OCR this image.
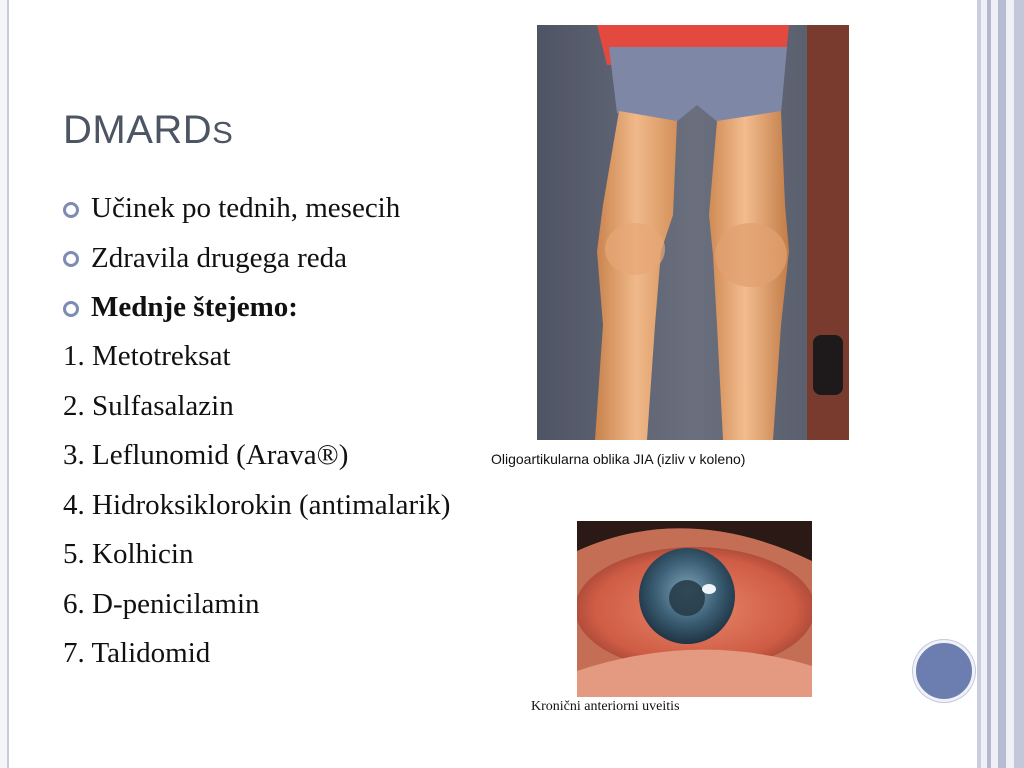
DMARDS
Učinek po tednih, mesecih
Zdravila drugega reda
Mednje štejemo:
1. Metotreksat
2. Sulfasalazin
3. Leflunomid (Arava®)
4. Hidroksiklorokin (antimalarik)
5. Kolhicin
6. D-penicilamin
7. Talidomid
Oligoartikularna oblika JIA (izliv v koleno)
Kronični anteriorni uveitis
